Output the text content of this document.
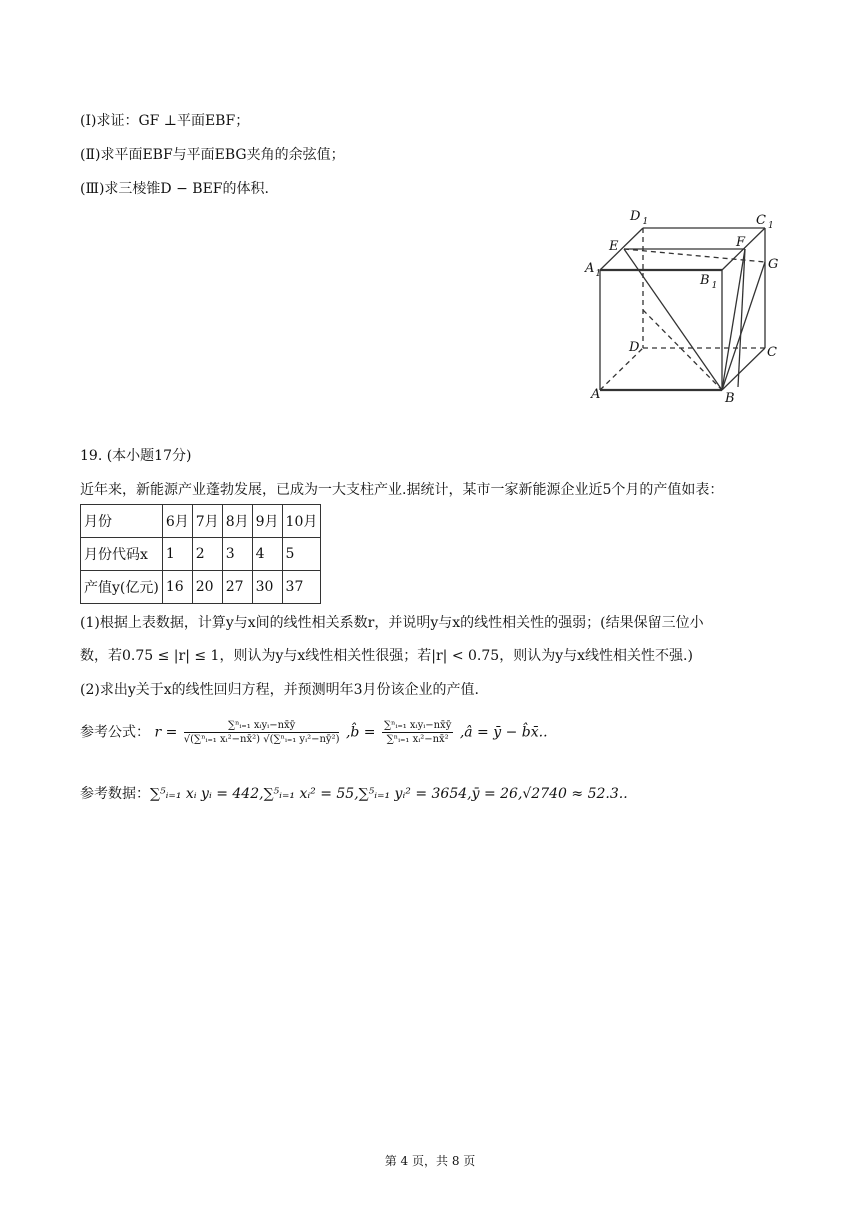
(I)求证：GF ⊥平面EBF；
(Ⅱ)求平面EBF与平面EBG夹角的余弦值；
(Ⅲ)求三棱锥D − BEF的体积.
D $_1$	C $_1$
$A_1$	B $_1$
E	F
G
D	C
A	B
19. (本小题17分)
近年来，新能源产业蓬勃发展，已成为一大支柱产业.据统计，某市一家新能源企业近5个月的产值如表：
月份	6月	7月	8月	9月	10月
月份代码x	1	2	3	4	5
产值y(亿元)	16	20	27	30	37
(1)根据上表数据，计算y与x间的线性相关系数r，并说明y与x的线性相关性的强弱；(结果保留三位小
数，若0.75 ≤ |r| ≤ 1，则认为y与x线性相关性很强；若|r| < 0.75，则认为y与x线性相关性不强.)
(2)求出y关于x的线性回归方程，并预测明年3月份该企业的产值.
参考公式： $r = \frac{\text{∑ⁿᵢ₌₁ xᵢyᵢ−nx̄ȳ}}{\text{√(∑ⁿᵢ₌₁ xᵢ²−nx̄²) √(∑ⁿᵢ₌₁ yᵢ²−nȳ²)}}$ ,b̂ = $\frac{\text{∑ⁿᵢ₌₁ xᵢyᵢ−nx̄ȳ}}{\text{∑ⁿᵢ₌₁ xᵢ²−nx̄²}}$ ,â = ȳ − b̂x̄..
参考数据：∑⁵ᵢ₌₁ xᵢ yᵢ = 442,∑⁵ᵢ₌₁ xᵢ² = 55,∑⁵ᵢ₌₁ yᵢ² = 3654,ȳ = 26,√2740 ≈ 52.3..
第 4 页，共 8 页
